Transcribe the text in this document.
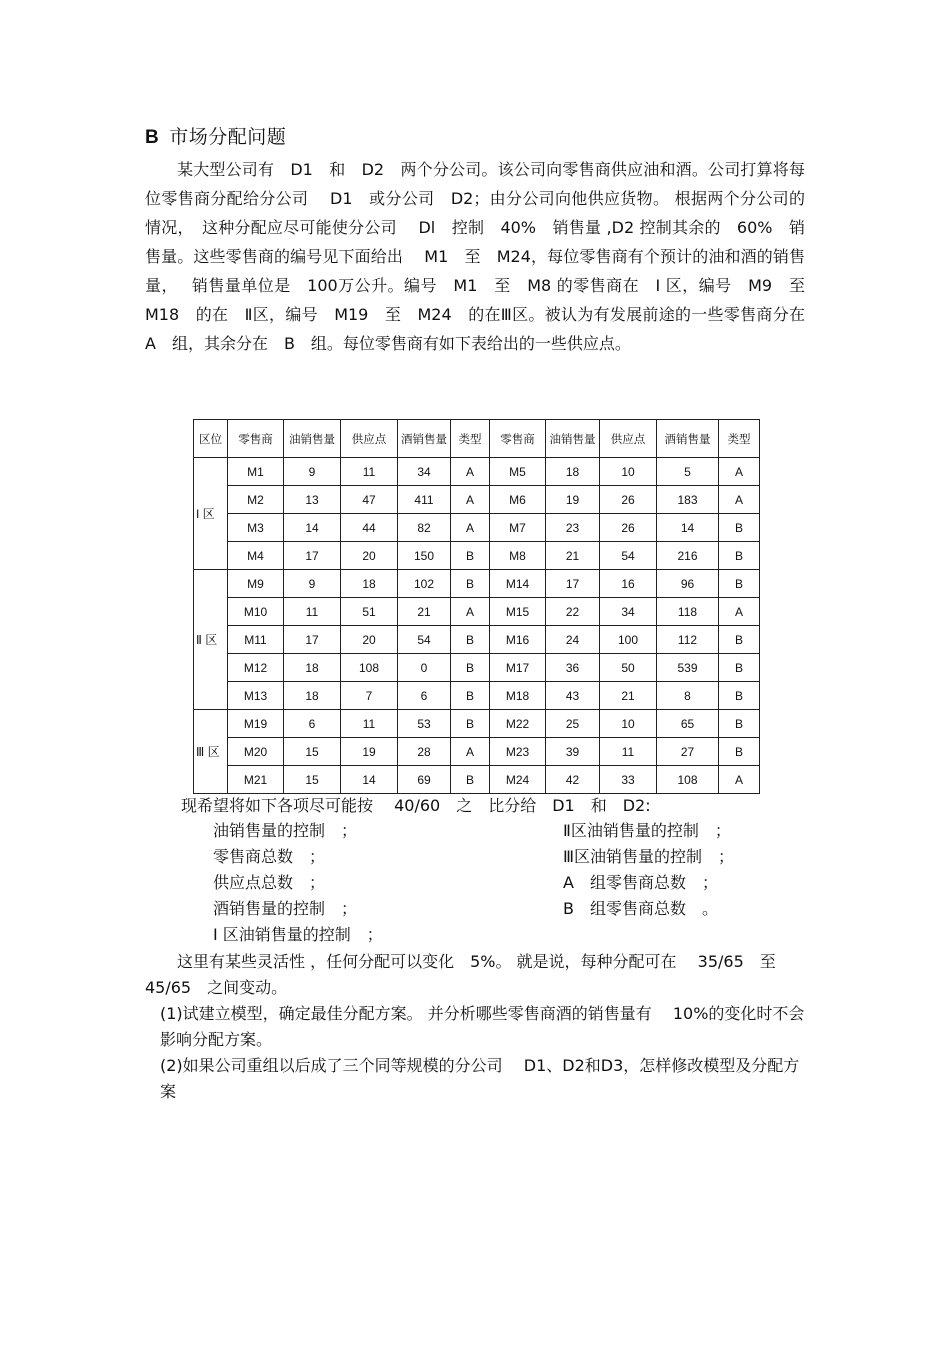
B 市场分配问题
某大型公司有　D1　和　D2　两个分公司。该公司向零售商供应油和酒。公司打算将每位零售商分配给分公司　 D1　或分公司　D2；由分公司向他供应货物。 根据两个分公司的情况，　这种分配应尽可能使分公司　 Dl　控制　40%　销售量 ,D2 控制其余的　60%　销售量。这些零售商的编号见下面给出　 M1　至　M24，每位零售商有个预计的油和酒的销售量，　 销售量单位是　100万公升。编号　M1　至　M8 的零售商在　I 区，编号　M9　至　M18　的在　Ⅱ区，编号　M19　至　M24　的在Ⅲ区。被认为有发展前途的一些零售商分在　 A　组，其余分在　B　组。每位零售商有如下表给出的一些供应点。
区位	零售商	油销售量	供应点	酒销售量	类型	零售商	油销售量	供应点	酒销售量	类型
I 区	M1	9	11	34	A	M5	18	10	5	A
	M2	13	47	411	A	M6	19	26	183	A
	M3	14	44	82	A	M7	23	26	14	B
	M4	17	20	150	B	M8	21	54	216	B
Ⅱ 区	M9	9	18	102	B	M14	17	16	96	B
	M10	11	51	21	A	M15	22	34	118	A
	M11	17	20	54	B	M16	24	100	112	B
	M12	18	108	0	B	M17	36	50	539	B
	M13	18	7	6	B	M18	43	21	8	B
Ⅲ 区	M19	6	11	53	B	M22	25	10	65	B
	M20	15	19	28	A	M23	39	11	27	B
	M21	15	14	69	B	M24	42	33	108	A
现希望将如下各项尽可能按　 40/60　之　比分给　D1　和　D2:
油销售量的控制　；
零售商总数　；
供应点总数　；
酒销售量的控制　；
I 区油销售量的控制　；
Ⅱ区油销售量的控制　；
Ⅲ区油销售量的控制　；
A　组零售商总数　；
B　组零售商总数　。
这里有某些灵活性 ，任何分配可以变化　5%。 就是说，每种分配可在　 35/65　至　45/65　之间变动。
(1)试建立模型，确定最佳分配方案。 并分析哪些零售商酒的销售量有　 10%的变化时不会影响分配方案。
(2)如果公司重组以后成了三个同等规模的分公司　 D1、D2和D3，怎样修改模型及分配方案
